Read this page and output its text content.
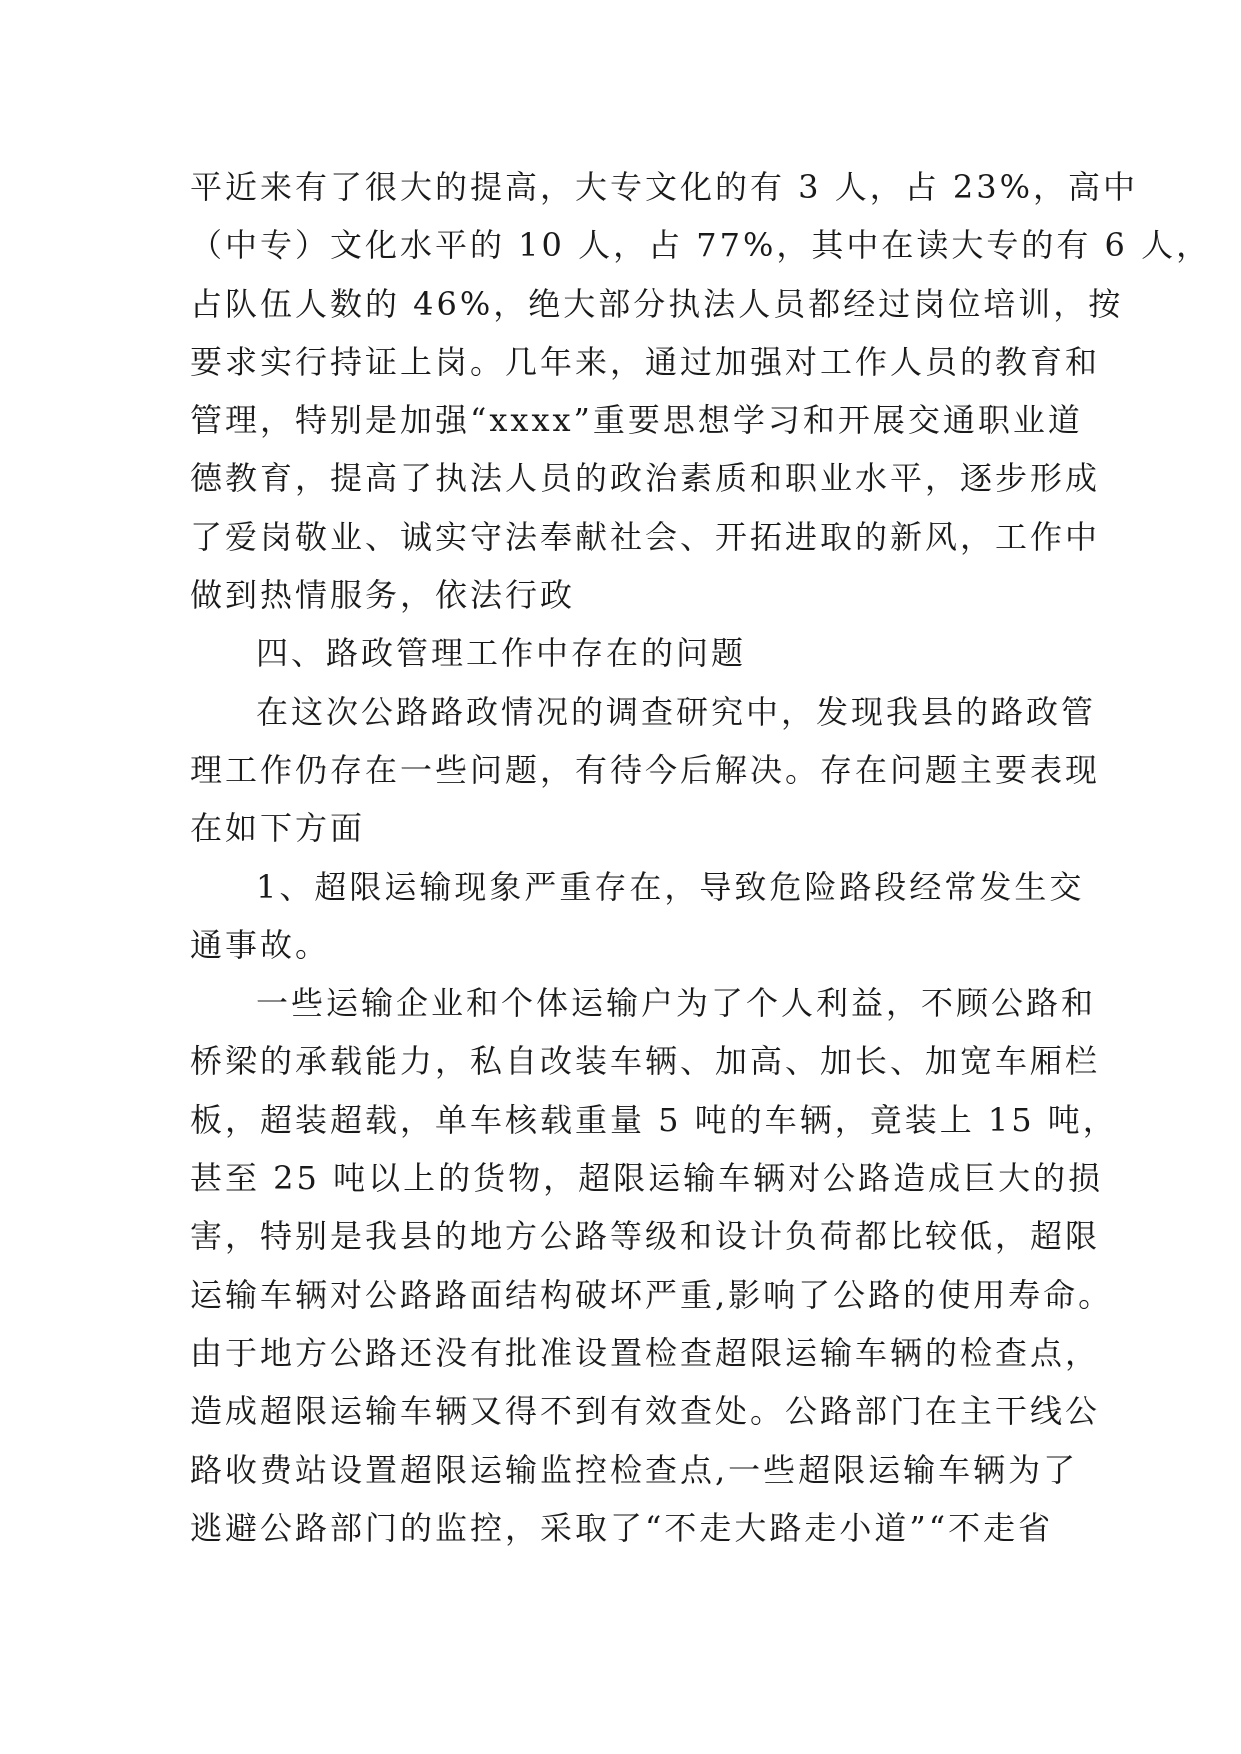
平近来有了很大的提高，大专文化的有 3 人，占 23%，高中
（中专）文化水平的 10 人，占 77%，其中在读大专的有 6 人，
占队伍人数的 46%，绝大部分执法人员都经过岗位培训，按
要求实行持证上岗。几年来，通过加强对工作人员的教育和
管理，特别是加强“xxxx”重要思想学习和开展交通职业道
德教育，提高了执法人员的政治素质和职业水平，逐步形成
了爱岗敬业、诚实守法奉献社会、开拓进取的新风，工作中
做到热情服务，依法行政
四、路政管理工作中存在的问题
在这次公路路政情况的调查研究中，发现我县的路政管
理工作仍存在一些问题，有待今后解决。存在问题主要表现
在如下方面
1、超限运输现象严重存在，导致危险路段经常发生交
通事故。
一些运输企业和个体运输户为了个人利益，不顾公路和
桥梁的承载能力，私自改装车辆、加高、加长、加宽车厢栏
板，超装超载，单车核载重量 5 吨的车辆，竟装上 15 吨，
甚至 25 吨以上的货物，超限运输车辆对公路造成巨大的损
害，特别是我县的地方公路等级和设计负荷都比较低，超限
运输车辆对公路路面结构破坏严重,影响了公路的使用寿命。
由于地方公路还没有批准设置检查超限运输车辆的检查点，
造成超限运输车辆又得不到有效查处。公路部门在主干线公
路收费站设置超限运输监控检查点,一些超限运输车辆为了
逃避公路部门的监控，采取了“不走大路走小道”“不走省
